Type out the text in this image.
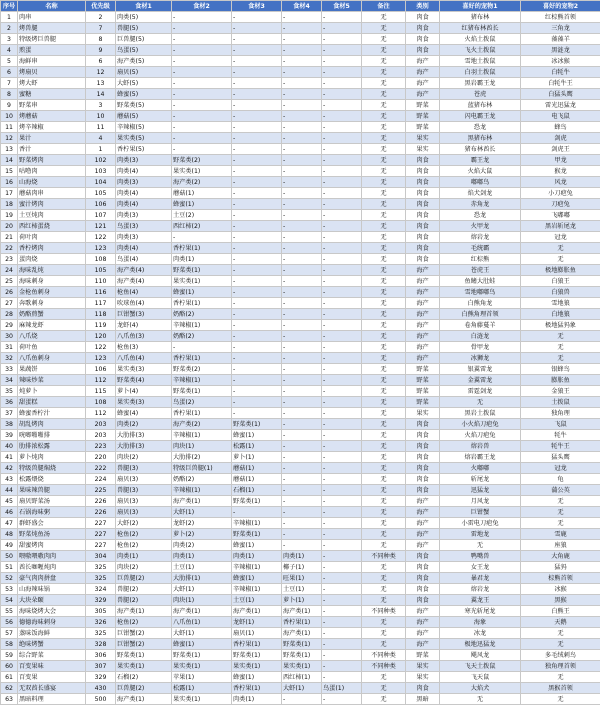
序号	名称	优先级	食材1	食材2	食材3	食材4	食材5	备注	类别	喜好的宠物1	喜好的宠物2
1	肉串	2	肉类(5)	-	-	-	-	无	肉食	猪布林	红棕熊首领
2	烤兽腿	7	兽腿(5)	-	-	-	-	无	肉食	红猪布林酋长	三角龙
3	特级烤巨兽腿	8	巨兽腿(5)	-	-	-	-	无	肉食	火焰土拨鼠	藻藻羊
4	煎蛋	9	鸟蛋(5)	-	-	-	-	无	肉食	飞火土拨鼠	黑涟龙
5	海鲜串	6	海产类(5)	-	-	-	-	无	海产	雪地土拨鼠	冰冰猴
6	烤扇贝	12	扇贝(5)	-	-	-	-	无	海产	白羽土拨鼠	白牦牛
7	烤大虾	13	大虾(5)	-	-	-	-	无	海产	黑岩霸王龙	白牦牛王
8	蜜糖	14	蜂蜜(5)	-	-	-	-	无	海产	苍虎	白猛头鹰
9	野菜串	3	野菜类(5)	-	-	-	-	无	野菜	蓝猪布林	雷光迅猛龙
10	烤蘑菇	10	蘑菇(5)	-	-	-	-	无	野菜	闪电霸王龙	电飞鼠
11	烤辛辣椒	11	辛辣椒(5)	-	-	-	-	无	野菜	恐龙	蜂鸟
12	果汁	4	果实类(5)	-	-	-	-	无	果实	黑猪布林	剑虎
13	香汁	1	香柠果(5)	-	-	-	-	无	果实	猪布林酋长	剑虎王
14	野菜烤肉	102	肉类(3)	野菜类(2)	-	-	-	无	肉食	霸王龙	甲龙
15	咕噜肉	103	肉类(4)	果实类(1)	-	-	-	无	肉食	火焰大鼠	猴龙
16	山海烧	104	肉类(3)	海产类(2)	-	-	-	无	肉食	嘟嘟鸟	风龙
17	蘑菇肉串	105	肉类(4)	蘑菇(1)	-	-	-	无	肉食	焰犬剑龙	小刀疤兔
18	蜜汁烤肉	106	肉类(4)	蜂蜜(1)	-	-	-	无	肉食	赤角龙	刀疤兔
19	土豆炖肉	107	肉类(3)	土豆(2)	-	-	-	无	肉食	恐龙	飞嘟嘟
20	西红柿蛋烧	121	鸟蛋(3)	西红柿(2)	-	-	-	无	肉食	火甲龙	黑岩斩尾龙
21	荷叶肉	122	肉类(3)	-	-	-	-	无	肉食	熔岩龙	冠龙
22	香柠烤肉	123	肉类(4)	香柠果(1)	-	-	-	无	肉食	毛统霸	无
23	蛋肉烧	108	鸟蛋(4)	肉类(1)	-	-	-	无	肉食	红棕熊	无
24	海味乱炖	105	海产类(4)	野菜类(1)	-	-	-	无	海产	苍虎王	极地膨胀鱼
25	海味刺身	110	海产类(4)	果实类(1)	-	-	-	无	海产	鱼鳍大肚蛙	白狼王
26	金枪鱼刺身	116	枪鱼(4)	蜂蜜(1)	-	-	-	无	海产	雪地嘟嘟鸟	白狼兽
27	奔歌刺身	117	吹球鱼(4)	香柠果(1)	-	-	-	无	海产	白熊角龙	雪地狼
28	奶酪煎蟹	118	巨钳蟹(3)	奶酪(2)	-	-	-	无	海产	白熊角理首领	白地狼
29	麻辣龙虾	119	龙虾(4)	辛辣椒(1)	-	-	-	无	海产	卷角藤蔓羊	极地猛犸象
30	八爪烧	120	八爪鱼(3)	奶酪(2)	-	-	-	无	海产	白涟龙	无
31	荷叶鱼	122	枪鱼(3)	-	-	-	-	无	海产	骨甲龙	无
32	八爪鱼刺身	123	八爪鱼(4)	香柠果(1)	-	-	-	无	海产	冰狮龙	无
33	果蔬饼	106	果实类(3)	野菜类(2)	-	-	-	无	野菜	银翼雷龙	银蜂鸟
34	辣味炒菜	112	野菜类(4)	辛辣椒(1)	-	-	-	无	野菜	金翼雷龙	膨胀鱼
35	炖萝卜	115	萝卜(4)	野菜类(1)	-	-	-	无	野菜	雷霆剑龙	金狼王
36	甜蛋糕	108	果实类(3)	鸟蛋(2)	-	-	-	无	野菜	无	土拨鼠
37	蜂蜜香柠汁	112	蜂蜜(4)	香柠果(1)	-	-	-	无	果实	黑岩土拨鼠	独角理
38	胡乱烤肉	203	肉类(2)	海产类(2)	野菜类(1)	-	-	无	肉食	小火焰刀疤兔	飞鼠
39	咣啷啪啪排	203	大肋排(3)	辛辣椒(1)	蜂蜜(1)	-	-	无	肉食	火焰刀疤兔	牦牛
40	肋排浓松露	223	大肋排(3)	肉块(1)	松露(1)	-	-	无	肉食	熔岩兽	牦牛王
41	萝卜炖肉	220	肉块(2)	大肋排(2)	萝卜(1)	-	-	无	肉食	熔岩霸王龙	猛头鹰
42	特级兽腿焖烧	222	兽腿(3)	特级巨兽腿(1)	蘑菇(1)	-	-	无	肉食	火嘟嘟	冠龙
43	松露煨烧	224	扇贝(3)	奶酪(2)	蘑菇(1)	-	-	无	肉食	斩尾龙	龟
44	果味辣兽腿	225	兽腿(3)	辛辣椒(1)	石榴(1)	-	-	无	肉食	迅猛龙	蒲公英
45	扇贝野菜汤	226	扇贝(3)	海产类(1)	野菜类(1)	-	-	无	海产	月风龙	无
46	石锅海味粥	226	扇贝(3)	大虾(1)	-	-	-	无	海产	巨钳蟹	无
47	群虾盛会	227	大虾(2)	龙虾(2)	辛辣椒(1)	-	-	无	海产	小雷电刀疤兔	无
48	野菜炖鱼汤	227	枪鱼(2)	萝卜(2)	野菜类(1)	-	-	无	海产	雷地龙	雪鹿
49	甜蜜烤肉	227	枪鱼(2)	肉类(2)	蜂蜜(1)	-	-	无	海产	无	座狼
50	喂嗷喂嗷肉肉	304	肉类(1)	肉类(1)	肉类(1)	肉类(1)	-	不同种类	肉食	鸭嘴兽	大角鹿
51	酋长咖喱炖肉	325	肉块(2)	土豆(1)	辛辣椒(1)	椰子(1)	-	无	肉食	女王龙	猛犸
52	豪气肉肉拼盘	325	巨兽腿(2)	大肋排(1)	蜂蜜(1)	旺果(1)	-	无	肉食	暴君龙	棕熊首领
53	山海辣味锅	324	兽腿(2)	大虾(1)	辛辣椒(1)	土豆(1)	-	无	肉食	熔岩龙	冰猴
54	大块朵颐	329	兽腿(2)	肉块(1)	土豆(1)	萝卜(1)	-	无	肉食	翼龙王	黑猴
55	海味烧烤大会	305	海产类(1)	海产类(1)	海产类(1)	海产类(1)	-	不同种类	海产	寒光斩尾龙	白熊王
56	德德海味刺身	326	枪鱼(2)	八爪鱼(1)	龙虾(1)	香柠果(1)	-	无	海产	海象	天鹅
57	蒸味饭海鲜	325	巨钳蟹(2)	大虾(1)	扇贝(1)	海产类(1)	-	无	海产	冰龙	无
58	绝味烤蟹	328	巨钳蟹(2)	蜂蜜(1)	香柠果(1)	野菜类(1)	-	无	海产	极地迅猛龙	无
59	综合野菜	306	野菜类(1)	野菜类(1)	野菜类(1)	野菜类(1)	-	不同种类	野菜	飓风龙	多毛绒刺鸟
60	百变果味	307	果实类(1)	果实类(1)	果实类(1)	果实类(1)	-	不同种类	果实	飞天土拨鼠	独角理首领
61	百变果	329	石榴(2)	苹果(1)	蜂蜜(1)	西红柿(1)	-	无	果实	飞天鼠	无
62	无双酋长盛宴	430	巨兽腿(2)	松露(1)	香柠果(1)	大虾(1)	鸟蛋(1)	无	肉食	大焰犬	黑猴首领
63	黑暗料理	500	海产类(1)	果实类(1)	肉类(1)	-	-	无	黑暗	无	无
